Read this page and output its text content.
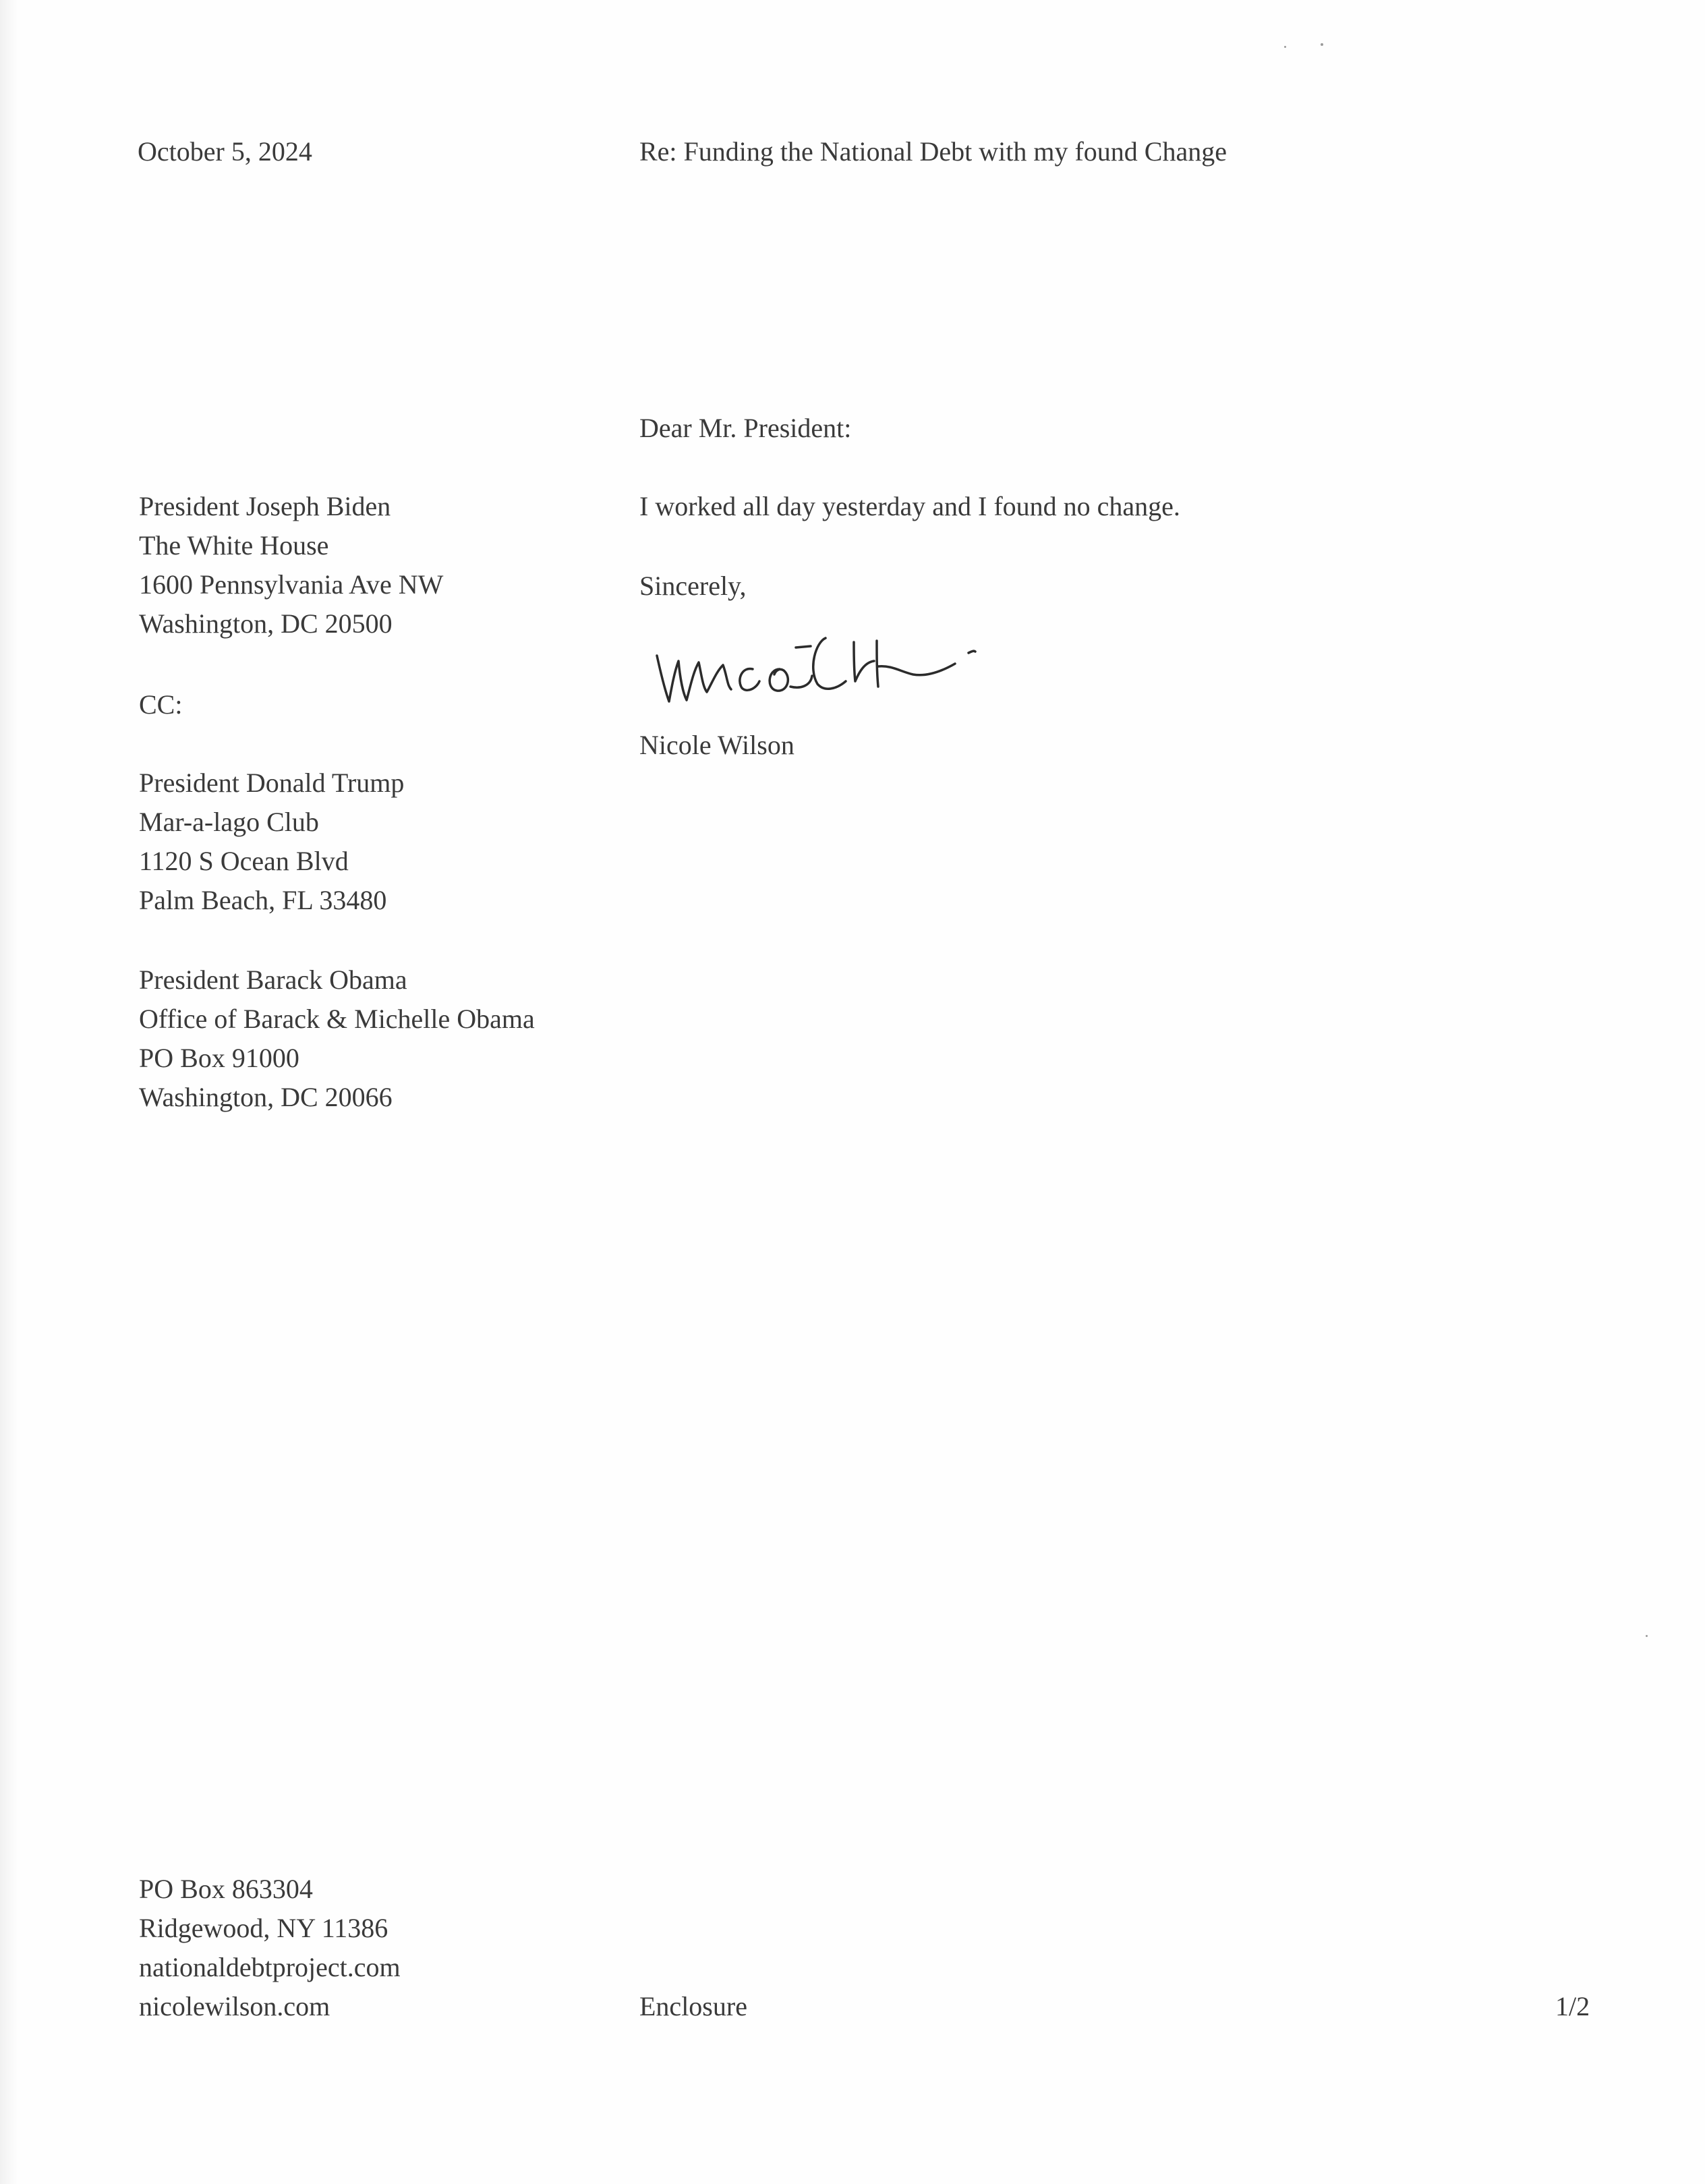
October 5, 2024	Re: Funding the National Debt with my found Change
Dear Mr. President:
President Joseph Biden
The White House
1600 Pennsylvania Ave NW
Washington, DC 20500
I worked all day yesterday and I found no change.
Sincerely,
Nicole Wilson
CC:
President Donald Trump
Mar-a-lago Club
1120 S Ocean Blvd
Palm Beach, FL 33480
President Barack Obama
Office of Barack & Michelle Obama
PO Box 91000
Washington, DC 20066
PO Box 863304
Ridgewood, NY 11386
nationaldebtproject.com
nicolewilson.com	Enclosure	1/2
